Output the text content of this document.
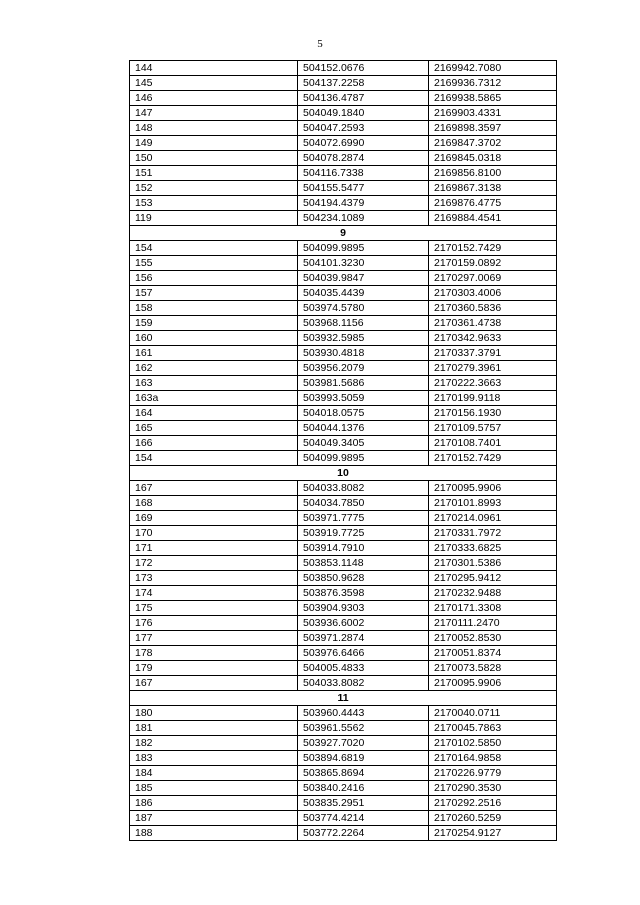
5
144	504152.0676	2169942.7080
145	504137.2258	2169936.7312
146	504136.4787	2169938.5865
147	504049.1840	2169903.4331
148	504047.2593	2169898.3597
149	504072.6990	2169847.3702
150	504078.2874	2169845.0318
151	504116.7338	2169856.8100
152	504155.5477	2169867.3138
153	504194.4379	2169876.4775
119	504234.1089	2169884.4541
9		
154	504099.9895	2170152.7429
155	504101.3230	2170159.0892
156	504039.9847	2170297.0069
157	504035.4439	2170303.4006
158	503974.5780	2170360.5836
159	503968.1156	2170361.4738
160	503932.5985	2170342.9633
161	503930.4818	2170337.3791
162	503956.2079	2170279.3961
163	503981.5686	2170222.3663
163a	503993.5059	2170199.9118
164	504018.0575	2170156.1930
165	504044.1376	2170109.5757
166	504049.3405	2170108.7401
154	504099.9895	2170152.7429
10		
167	504033.8082	2170095.9906
168	504034.7850	2170101.8993
169	503971.7775	2170214.0961
170	503919.7725	2170331.7972
171	503914.7910	2170333.6825
172	503853.1148	2170301.5386
173	503850.9628	2170295.9412
174	503876.3598	2170232.9488
175	503904.9303	2170171.3308
176	503936.6002	2170111.2470
177	503971.2874	2170052.8530
178	503976.6466	2170051.8374
179	504005.4833	2170073.5828
167	504033.8082	2170095.9906
11		
180	503960.4443	2170040.0711
181	503961.5562	2170045.7863
182	503927.7020	2170102.5850
183	503894.6819	2170164.9858
184	503865.8694	2170226.9779
185	503840.2416	2170290.3530
186	503835.2951	2170292.2516
187	503774.4214	2170260.5259
188	503772.2264	2170254.9127
